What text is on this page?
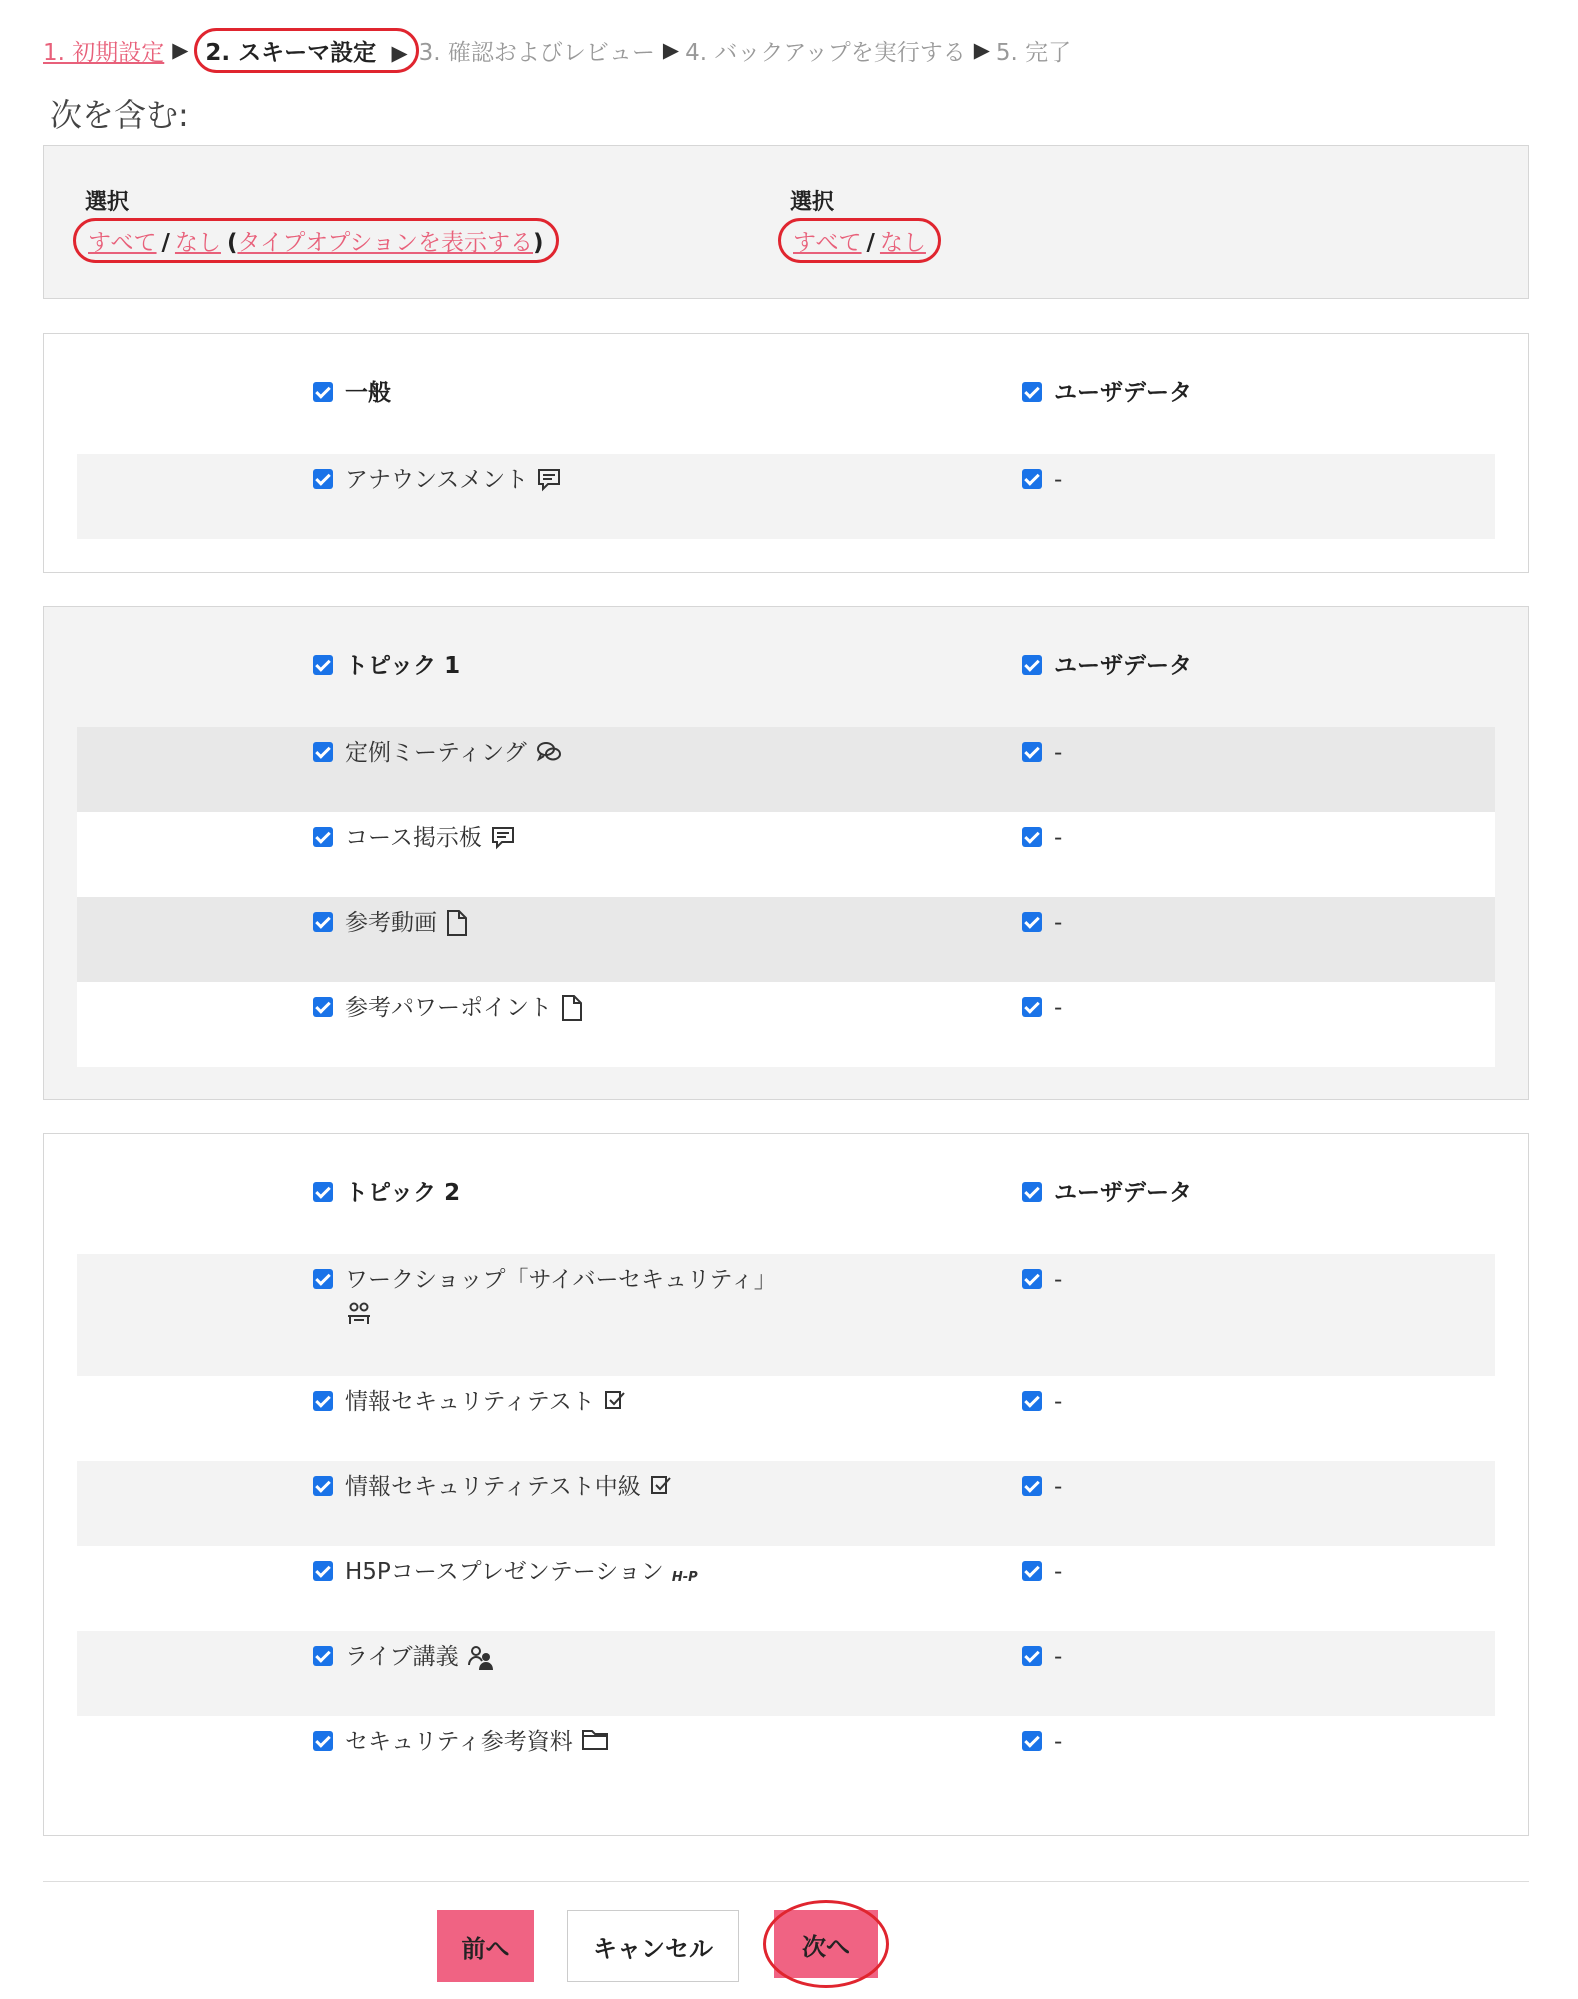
1. 初期設定 ▶ 2. スキーマ設定 ▶ 3. 確認およびレビュー ▶ 4. バックアップを実行する ▶ 5. 完了
次を含む:
選択
すべて / なし (タイプオプションを表示する)
選択
すべて / なし
一般	ユーザデータ
アナウンスメント	-
トピック 1	ユーザデータ
定例ミーティング	-
コース掲示板	-
参考動画	-
参考パワーポイント	-
トピック 2	ユーザデータ
ワークショップ「サイバーセキュリティ」	-
情報セキュリティテスト	-
情報セキュリティテスト中級	-
H5Pコースプレゼンテーション H-P	-
ライブ講義	-
セキュリティ参考資料	-
前へ	キャンセル	次へ
